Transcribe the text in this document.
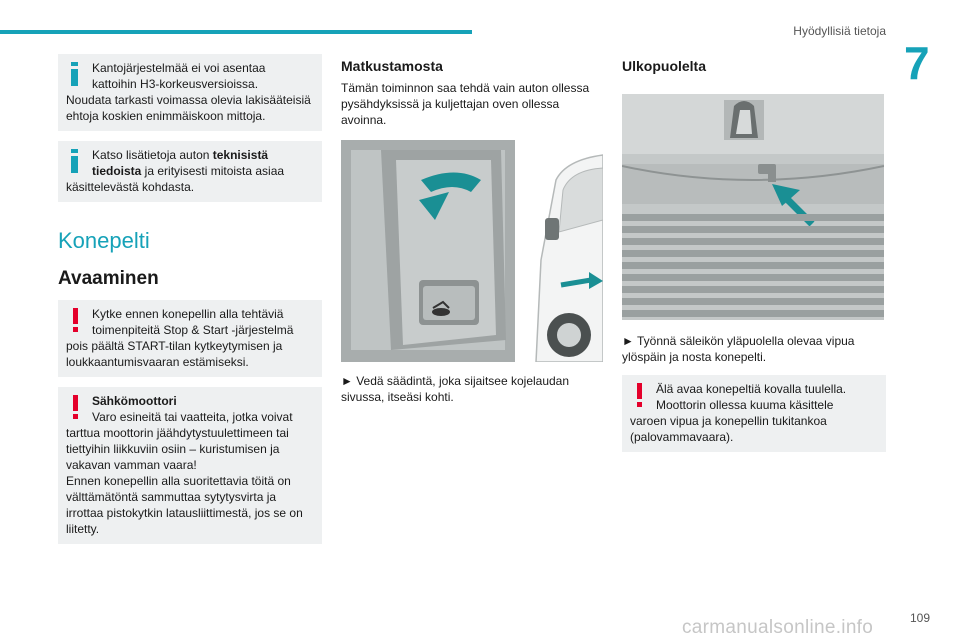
Hyödyllisiä tietoja
7

Kantojärjestelmää ei voi asentaa
kattoihin H3-korkeusversioissa.
Noudata tarkasti voimassa olevia lakisääteisiä ehtoja koskien enimmäiskoon mittoja.

Katso lisätietoja auton teknisistä
tiedoista ja erityisesti mitoista asiaa
käsittelevästä kohdasta.

Konepelti
Avaaminen

Kytke ennen konepellin alla tehtäviä
toimenpiteitä Stop & Start -järjestelmä
pois päältä START-tilan kytkeytymisen ja loukkaantumisvaaran estämiseksi.

Sähkömoottori
Varo esineitä tai vaatteita, jotka voivat
tarttua moottorin jäähdytystuulettimeen tai tiettyihin liikkuviin osiin – kuristumisen ja vakavan vamman vaara!
Ennen konepellin alla suoritettavia töitä on välttämätöntä sammuttaa sytytysvirta ja irrottaa pistokytkin latausliittimestä, jos se on liitetty.

Matkustamosta

Tämän toiminnon saa tehdä vain auton ollessa pysähdyksissä ja kuljettajan oven ollessa avoinna.

► Vedä säädintä, joka sijaitsee kojelaudan sivussa, itseäsi kohti.

Ulkopuolelta

► Työnnä säleikön yläpuolella olevaa vipua ylöspäin ja nosta konepelti.

Älä avaa konepeltiä kovalla tuulella.
Moottorin ollessa kuuma käsittele
varoen vipua ja konepellin tukitankoa (palovammavaara).

carmanualsonline.info	109
